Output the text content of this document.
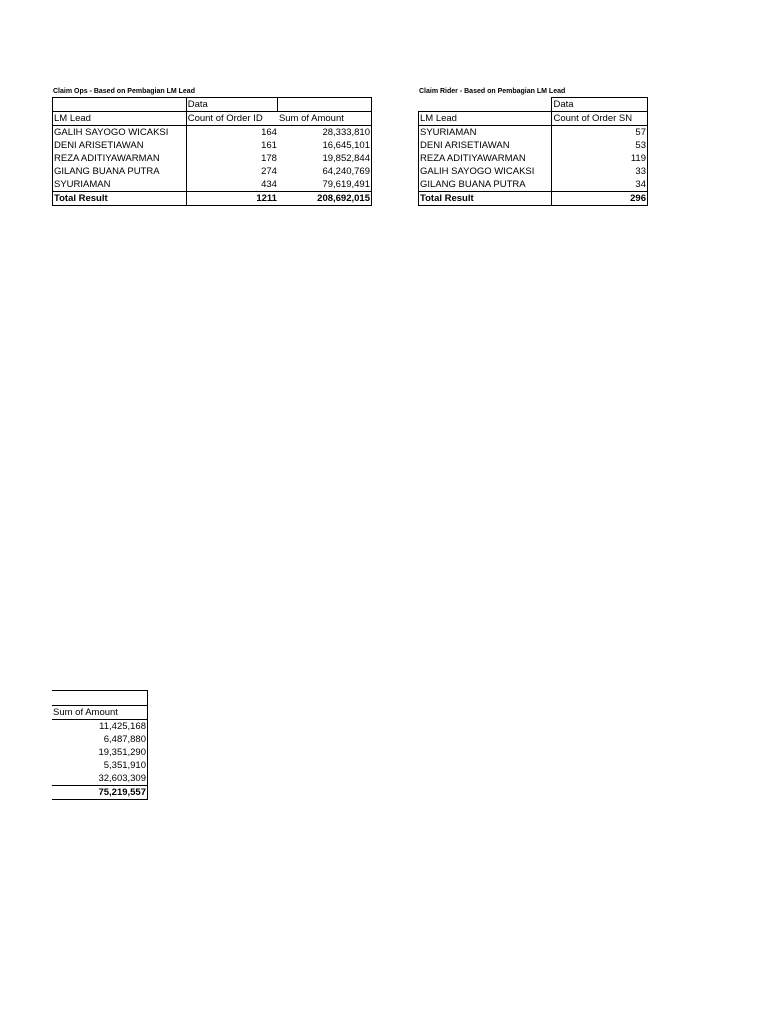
Claim Ops - Based on Pembagian LM Lead
	Data	
LM Lead	Count of Order ID	Sum of Amount
GALIH SAYOGO WICAKSI	164	28,333,810
DENI ARISETIAWAN	161	16,645,101
REZA ADITIYAWARMAN	178	19,852,844
GILANG BUANA PUTRA	274	64,240,769
SYURIAMAN	434	79,619,491
Total Result	1211	208,692,015
Claim Rider - Based on Pembagian LM Lead
	Data
LM Lead	Count of Order SN
SYURIAMAN	57
DENI ARISETIAWAN	53
REZA ADITIYAWARMAN	119
GALIH SAYOGO WICAKSI	33
GILANG BUANA PUTRA	34
Total Result	296

Sum of Amount
11,425,168
6,487,880
19,351,290
5,351,910
32,603,309
75,219,557
